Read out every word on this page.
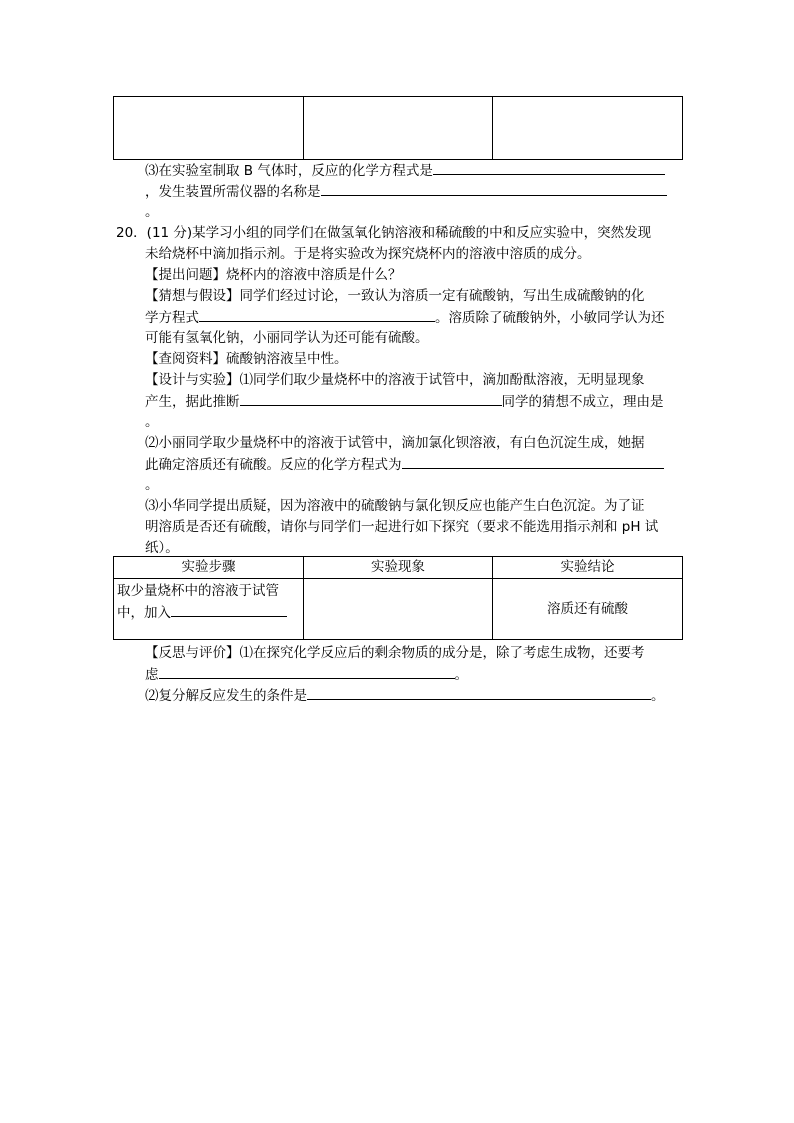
⑶在实验室制取 B 气体时，反应的化学方程式是
，发生装置所需仪器的名称是
。
20．(11 分)某学习小组的同学们在做氢氧化钠溶液和稀硫酸的中和反应实验中，突然发现
未给烧杯中滴加指示剂。于是将实验改为探究烧杯内的溶液中溶质的成分。
【提出问题】烧杯内的溶液中溶质是什么？
【猜想与假设】同学们经过讨论，一致认为溶质一定有硫酸钠，写出生成硫酸钠的化
学方程式	。溶质除了硫酸钠外，小敏同学认为还
可能有氢氧化钠，小丽同学认为还可能有硫酸。
【查阅资料】硫酸钠溶液呈中性。
【设计与实验】⑴同学们取少量烧杯中的溶液于试管中，滴加酚酞溶液，无明显现象
产生，据此推断	同学的猜想不成立，理由是
。
⑵小丽同学取少量烧杯中的溶液于试管中，滴加氯化钡溶液，有白色沉淀生成，她据
此确定溶质还有硫酸。反应的化学方程式为
。
⑶小华同学提出质疑，因为溶液中的硫酸钠与氯化钡反应也能产生白色沉淀。为了证
明溶质是否还有硫酸，请你与同学们一起进行如下探究（要求不能选用指示剂和 pH 试
纸）。
实验步骤	实验现象	实验结论

取少量烧杯中的溶液于试管
中，加入		溶质还有硫酸
【反思与评价】⑴在探究化学反应后的剩余物质的成分是，除了考虑生成物，还要考
虑	。
⑵复分解反应发生的条件是	。
